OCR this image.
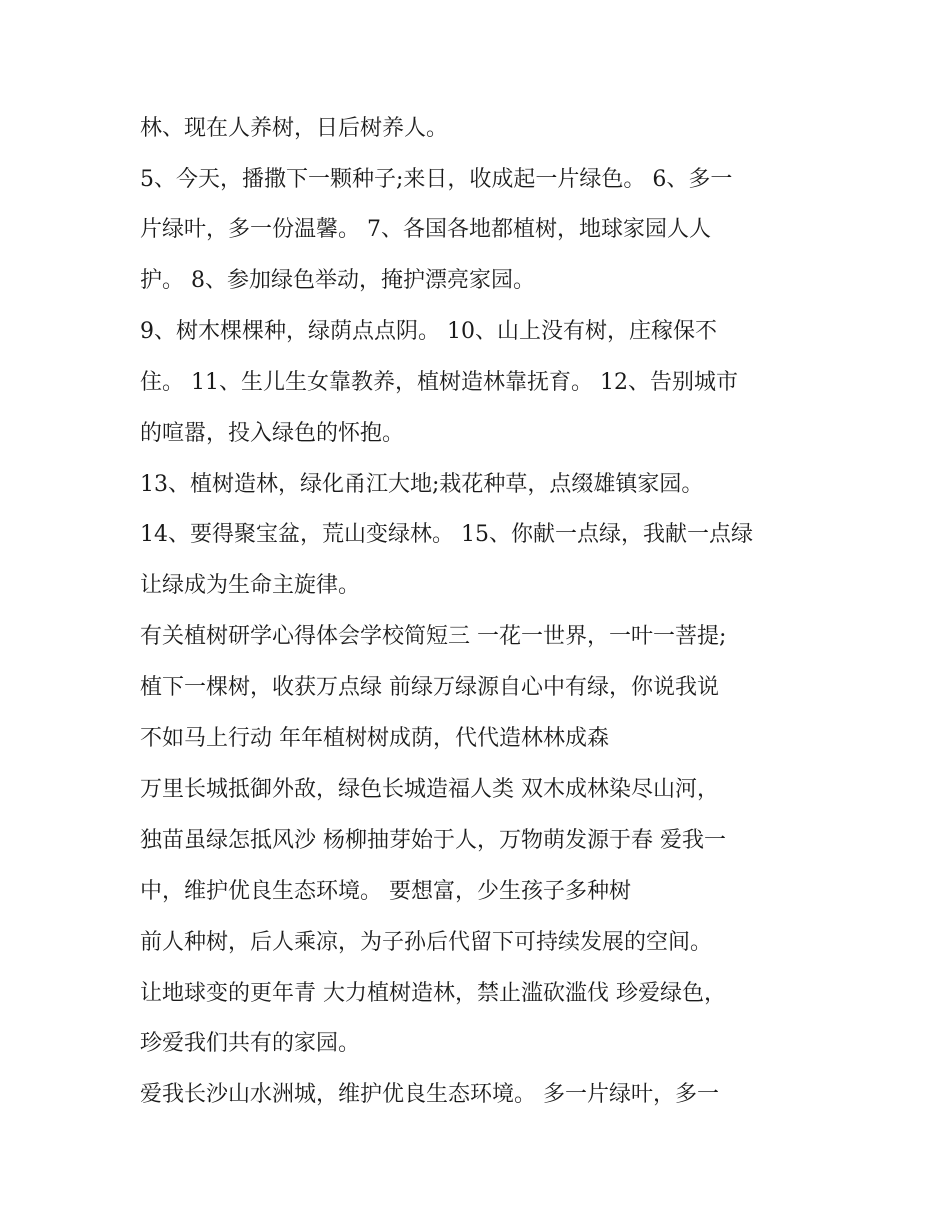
林、现在人养树，日后树养人。
5、今天，播撒下一颗种子;来日，收成起一片绿色。 6、多一
片绿叶，多一份温馨。 7、各国各地都植树，地球家园人人
护。 8、参加绿色举动，掩护漂亮家园。
9、树木棵棵种，绿荫点点阴。 10、山上没有树，庄稼保不
住。 11、生儿生女靠教养，植树造林靠抚育。 12、告别城市
的喧嚣，投入绿色的怀抱。
13、植树造林，绿化甬江大地;栽花种草，点缀雄镇家园。
14、要得聚宝盆，荒山变绿林。 15、你献一点绿，我献一点绿
让绿成为生命主旋律。
有关植树研学心得体会学校简短三 一花一世界，一叶一菩提;
植下一棵树，收获万点绿 前绿万绿源自心中有绿，你说我说
不如马上行动 年年植树树成荫，代代造林林成森
万里长城抵御外敌，绿色长城造福人类 双木成林染尽山河，
独苗虽绿怎抵风沙 杨柳抽芽始于人，万物萌发源于春 爱我一
中，维护优良生态环境。 要想富，少生孩子多种树
前人种树，后人乘凉，为子孙后代留下可持续发展的空间。
让地球变的更年青 大力植树造林，禁止滥砍滥伐 珍爱绿色，
珍爱我们共有的家园。
爱我长沙山水洲城，维护优良生态环境。 多一片绿叶，多一
